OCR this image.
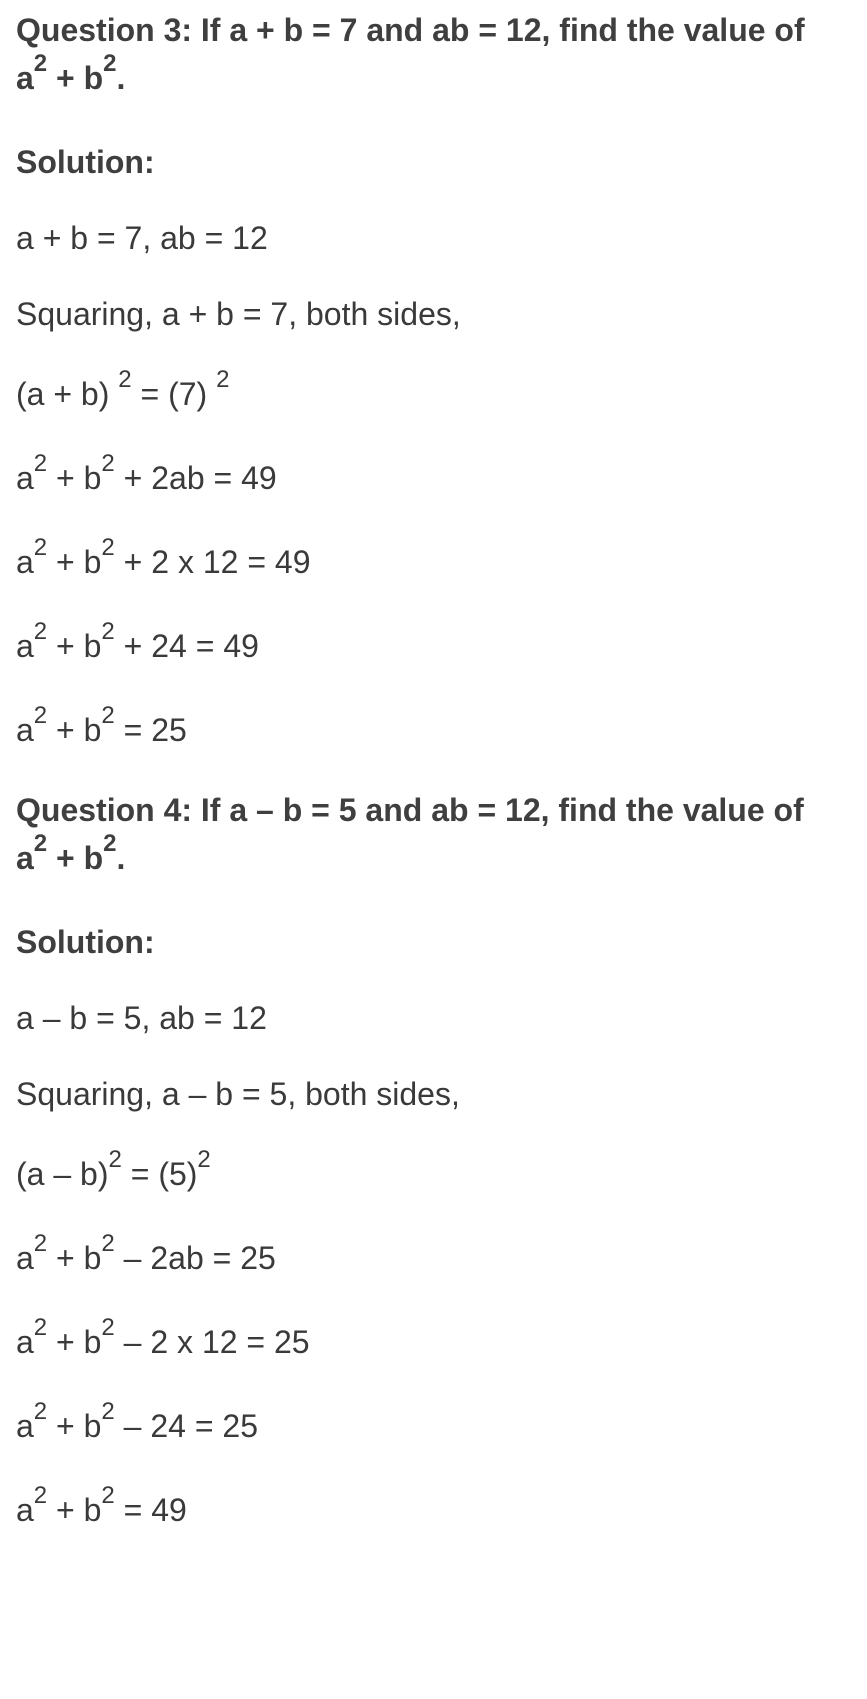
Question 3: If a + b = 7 and ab = 12, find the value of
$a^2 + b^2$.
Solution:
a + b = 7, ab = 12
Squaring, a + b = 7, both sides,
(a + b) $^2$ = (7) $^2$
$a^2 + b^2 + 2ab = 49$
$a^2 + b^2 + 2$ x 12 = 49
$a^2 + b^2 + 24 = 49$
$a^2 + b^2 = 25$
Question 4: If a – b = 5 and ab = 12, find the value of
$a^2 + b^2$.
Solution:
a – b = 5, ab = 12
Squaring, a – b = 5, both sides,
$(a - b)^2 = (5)^2$
$a^2 + b^2 - 2ab = 25$
$a^2 + b^2 - 2$ x 12 = 25
$a^2 + b^2 - 24 = 25$
$a^2 + b^2 = 49$
